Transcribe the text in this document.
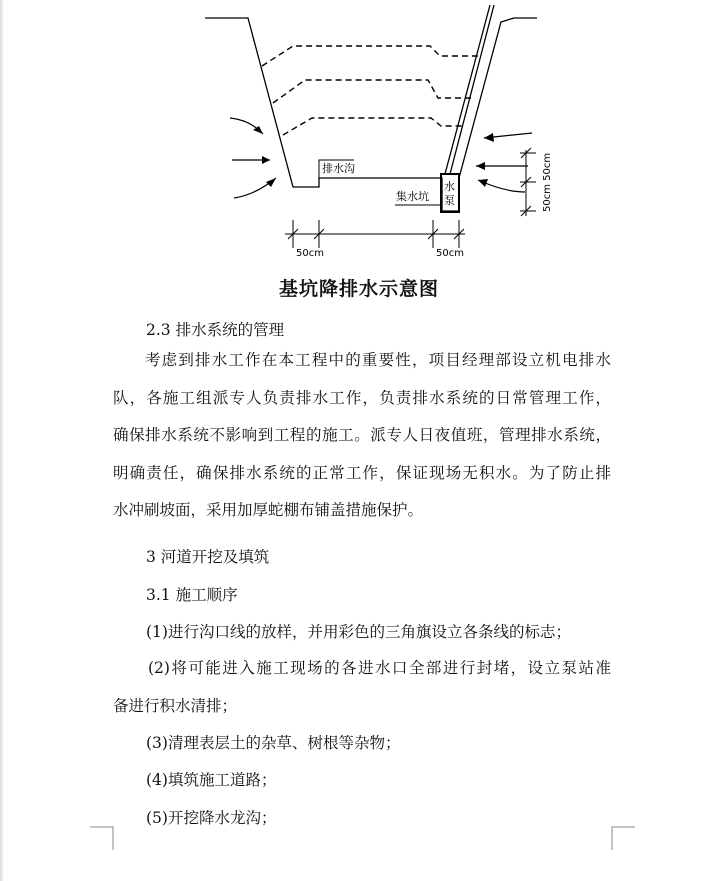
排水沟
集水坑
水
泵
50cm	50cm
50cm 50cm
基坑降排水示意图
2.3 排水系统的管理
考虑到排水工作在本工程中的重要性，项目经理部设立机电排水
队，各施工组派专人负责排水工作，负责排水系统的日常管理工作，
确保排水系统不影响到工程的施工。派专人日夜值班，管理排水系统，
明确责任，确保排水系统的正常工作，保证现场无积水。为了防止排
水冲刷坡面，采用加厚蛇棚布铺盖措施保护。
3 河道开挖及填筑
3.1 施工顺序
(1)进行沟口线的放样，并用彩色的三角旗设立各条线的标志；
(2)将可能进入施工现场的各进水口全部进行封堵，设立泵站准
备进行积水清排；
(3)清理表层土的杂草、树根等杂物；
(4)填筑施工道路；
(5)开挖降水龙沟；
